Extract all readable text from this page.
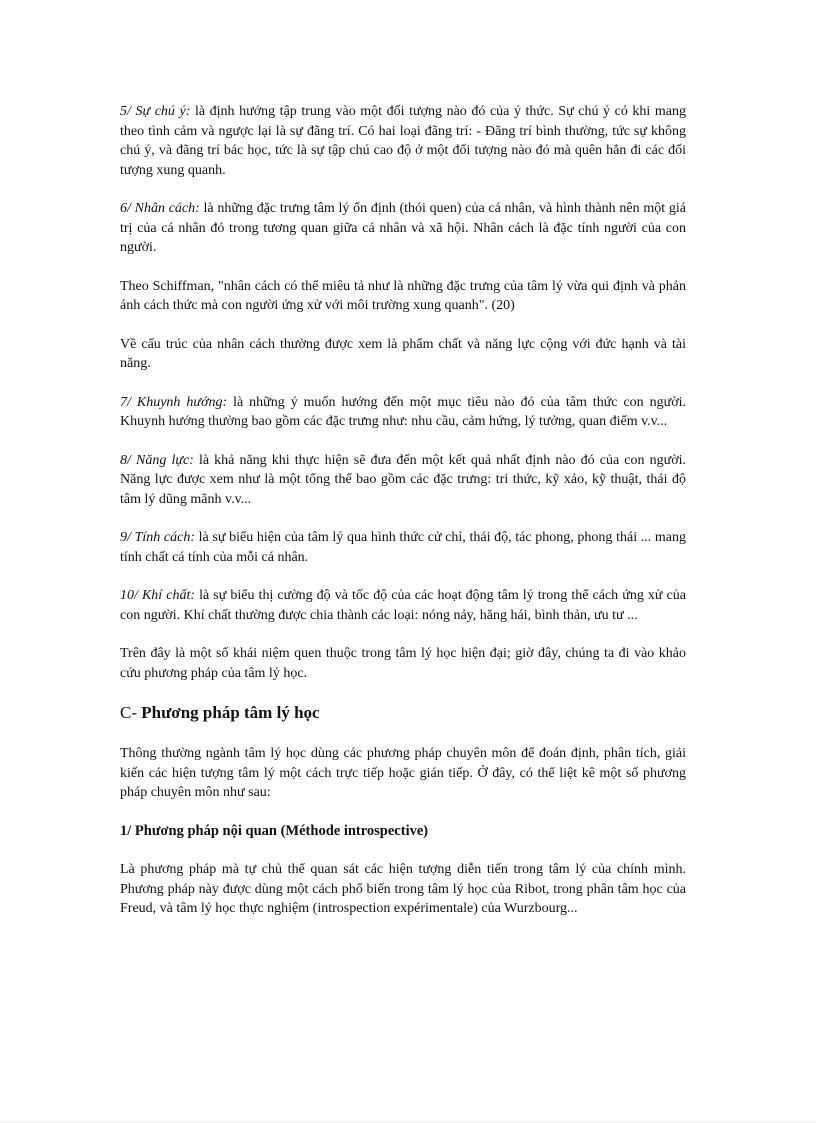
5/ Sự chú ý: là định hướng tập trung vào một đối tượng nào đó của ý thức. Sự chú ý có khi mang theo tình cảm và ngược lại là sự đãng trí. Có hai loại đãng trí: - Đãng trí bình thường, tức sự không chú ý, và đãng trí bác học, tức là sự tập chú cao độ ở một đối tượng nào đó mà quên hẳn đi các đối tượng xung quanh.

6/ Nhân cách: là những đặc trưng tâm lý ổn định (thói quen) của cá nhân, và hình thành nên một giá trị của cá nhân đó trong tương quan giữa cá nhân và xã hội. Nhân cách là đặc tính người của con người.

Theo Schiffman, "nhân cách có thể miêu tả như là những đặc trưng của tâm lý vừa qui định và phản ánh cách thức mà con người ứng xử với môi trường xung quanh". (20)

Về cấu trúc của nhân cách thường được xem là phẩm chất và năng lực cộng với đức hạnh và tài năng.

7/ Khuynh hướng: là những ý muốn hướng đến một mục tiêu nào đó của tâm thức con người. Khuynh hướng thường bao gồm các đặc trưng như: nhu cầu, cảm hứng, lý tưởng, quan điểm v.v...

8/ Năng lực: là khả năng khi thực hiện sẽ đưa đến một kết quả nhất định nào đó của con người. Năng lực được xem như là một tổng thể bao gồm các đặc trưng: tri thức, kỹ xảo, kỹ thuật, thái độ tâm lý dũng mãnh v.v...

9/ Tính cách: là sự biểu hiện của tâm lý qua hình thức cử chỉ, thái độ, tác phong, phong thái ... mang tính chất cá tính của mỗi cá nhân.

10/ Khí chất: là sự biểu thị cường độ và tốc độ của các hoạt động tâm lý trong thể cách ứng xử của con người. Khí chất thường được chia thành các loại: nóng nảy, hăng hái, bình thản, ưu tư ...

Trên đây là một số khái niệm quen thuộc trong tâm lý học hiện đại; giờ đây, chúng ta đi vào khảo cứu phương pháp của tâm lý học.

C- Phương pháp tâm lý học

Thông thường ngành tâm lý học dùng các phương pháp chuyên môn để đoán định, phân tích, giải kiến các hiện tượng tâm lý một cách trực tiếp hoặc gián tiếp. Ở đây, có thể liệt kê một số phương pháp chuyên môn như sau:

1/ Phương pháp nội quan (Méthode introspective)

Là phương pháp mà tự chủ thể quan sát các hiện tượng diễn tiến trong tâm lý của chính mình. Phương pháp này được dùng một cách phổ biến trong tâm lý học của Ribot, trong phân tâm học của Freud, và tâm lý học thực nghiệm (introspection expérimentale) của Wurzbourg...
